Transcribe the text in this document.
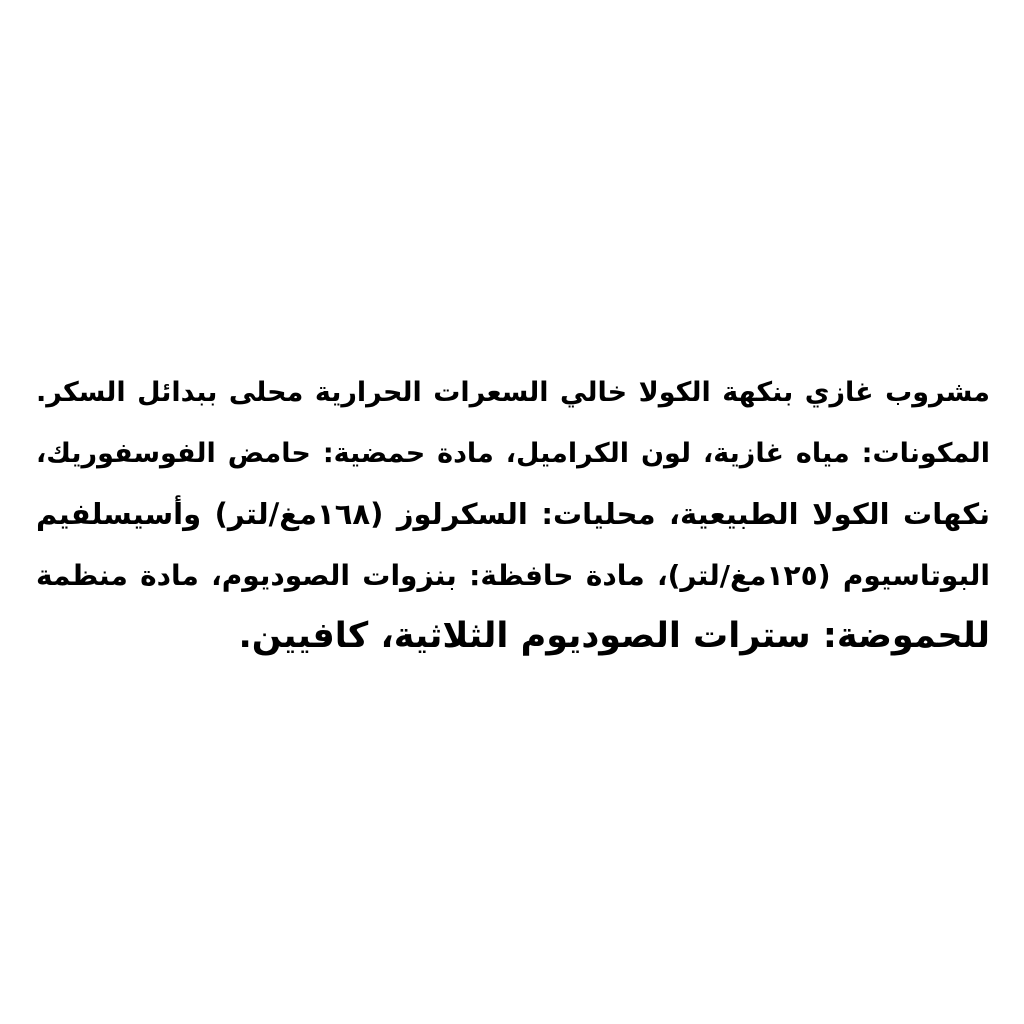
مشروب غازي بنكهة الكولا خالي السعرات الحرارية محلى ببدائل السكر.
المكونات: مياه غازية، لون الكراميل، مادة حمضية: حامض الفوسفوريك،
نكهات الكولا الطبيعية، محليات: السكرلوز (١٦٨مغ/لتر) وأسيسلفيم
البوتاسيوم (١٢٥مغ/لتر)، مادة حافظة: بنزوات الصوديوم، مادة منظمة
للحموضة: سترات الصوديوم الثلاثية، كافيين.
